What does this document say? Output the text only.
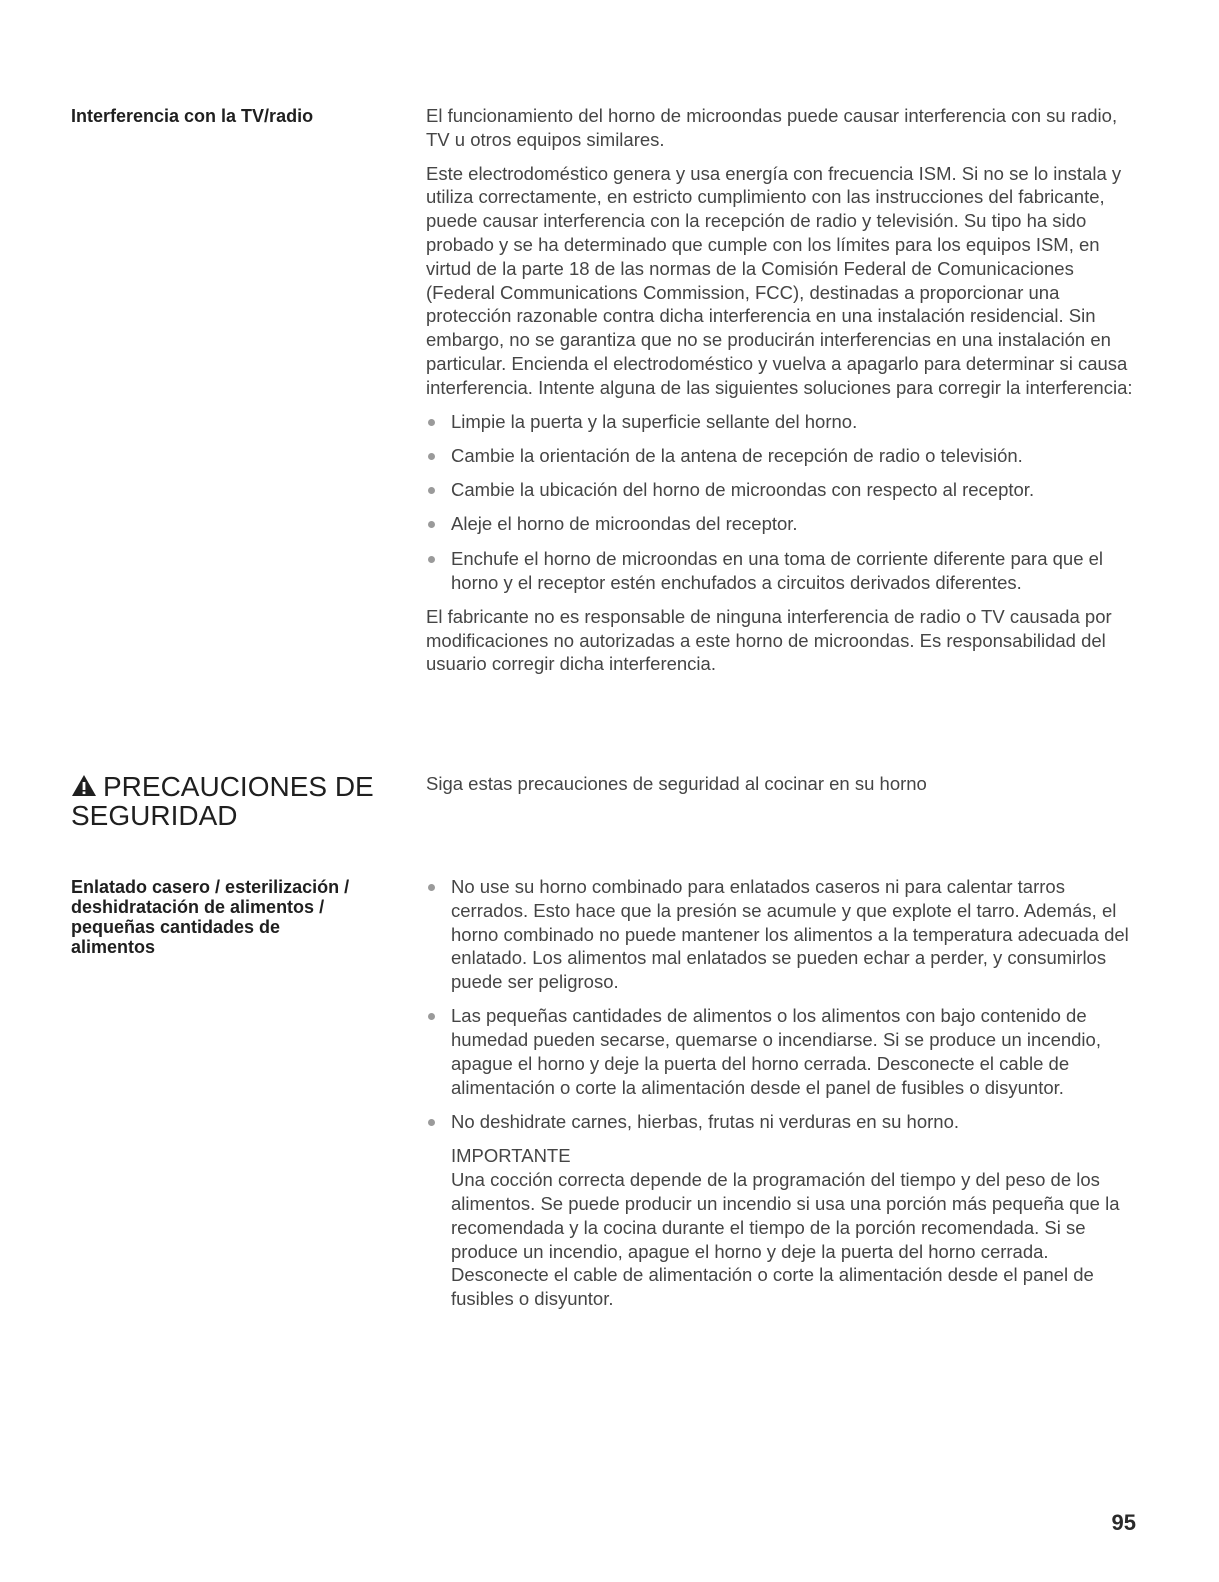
Interferencia con la TV/radio	El funcionamiento del horno de microondas puede causar interferencia con su radio, TV u otros equipos similares.

Este electrodoméstico genera y usa energía con frecuencia ISM. Si no se lo instala y utiliza correctamente, en estricto cumplimiento con las instrucciones del fabricante, puede causar interferencia con la recepción de radio y televisión. Su tipo ha sido probado y se ha determinado que cumple con los límites para los equipos ISM, en virtud de la parte 18 de las normas de la Comisión Federal de Comunicaciones (Federal Communications Commission, FCC), destinadas a proporcionar una protección razonable contra dicha interferencia en una instalación residencial. Sin embargo, no se garantiza que no se producirán interferencias en una instalación en particular. Encienda el electrodoméstico y vuelva a apagarlo para determinar si causa interferencia. Intente alguna de las siguientes soluciones para corregir la interferencia:

Limpie la puerta y la superficie sellante del horno.
Cambie la orientación de la antena de recepción de radio o televisión.
Cambie la ubicación del horno de microondas con respecto al receptor.
Aleje el horno de microondas del receptor.
Enchufe el horno de microondas en una toma de corriente diferente para que el horno y el receptor estén enchufados a circuitos derivados diferentes.

El fabricante no es responsable de ninguna interferencia de radio o TV causada por modificaciones no autorizadas a este horno de microondas. Es responsabilidad del usuario corregir dicha interferencia.

PRECAUCIONES DE
SEGURIDAD

Siga estas precauciones de seguridad al cocinar en su horno

Enlatado casero / esterilización /
deshidratación de alimentos /
pequeñas cantidades de
alimentos
No use su horno combinado para enlatados caseros ni para calentar tarros cerrados. Esto hace que la presión se acumule y que explote el tarro. Además, el horno combinado no puede mantener los alimentos a la temperatura adecuada del enlatado. Los alimentos mal enlatados se pueden echar a perder, y consumirlos puede ser peligroso.
Las pequeñas cantidades de alimentos o los alimentos con bajo contenido de humedad pueden secarse, quemarse o incendiarse. Si se produce un incendio, apague el horno y deje la puerta del horno cerrada. Desconecte el cable de alimentación o corte la alimentación desde el panel de fusibles o disyuntor.
No deshidrate carnes, hierbas, frutas ni verduras en su horno.
IMPORTANTE
Una cocción correcta depende de la programación del tiempo y del peso de los alimentos. Se puede producir un incendio si usa una porción más pequeña que la recomendada y la cocina durante el tiempo de la porción recomendada. Si se produce un incendio, apague el horno y deje la puerta del horno cerrada. Desconecte el cable de alimentación o corte la alimentación desde el panel de fusibles o disyuntor.
95
